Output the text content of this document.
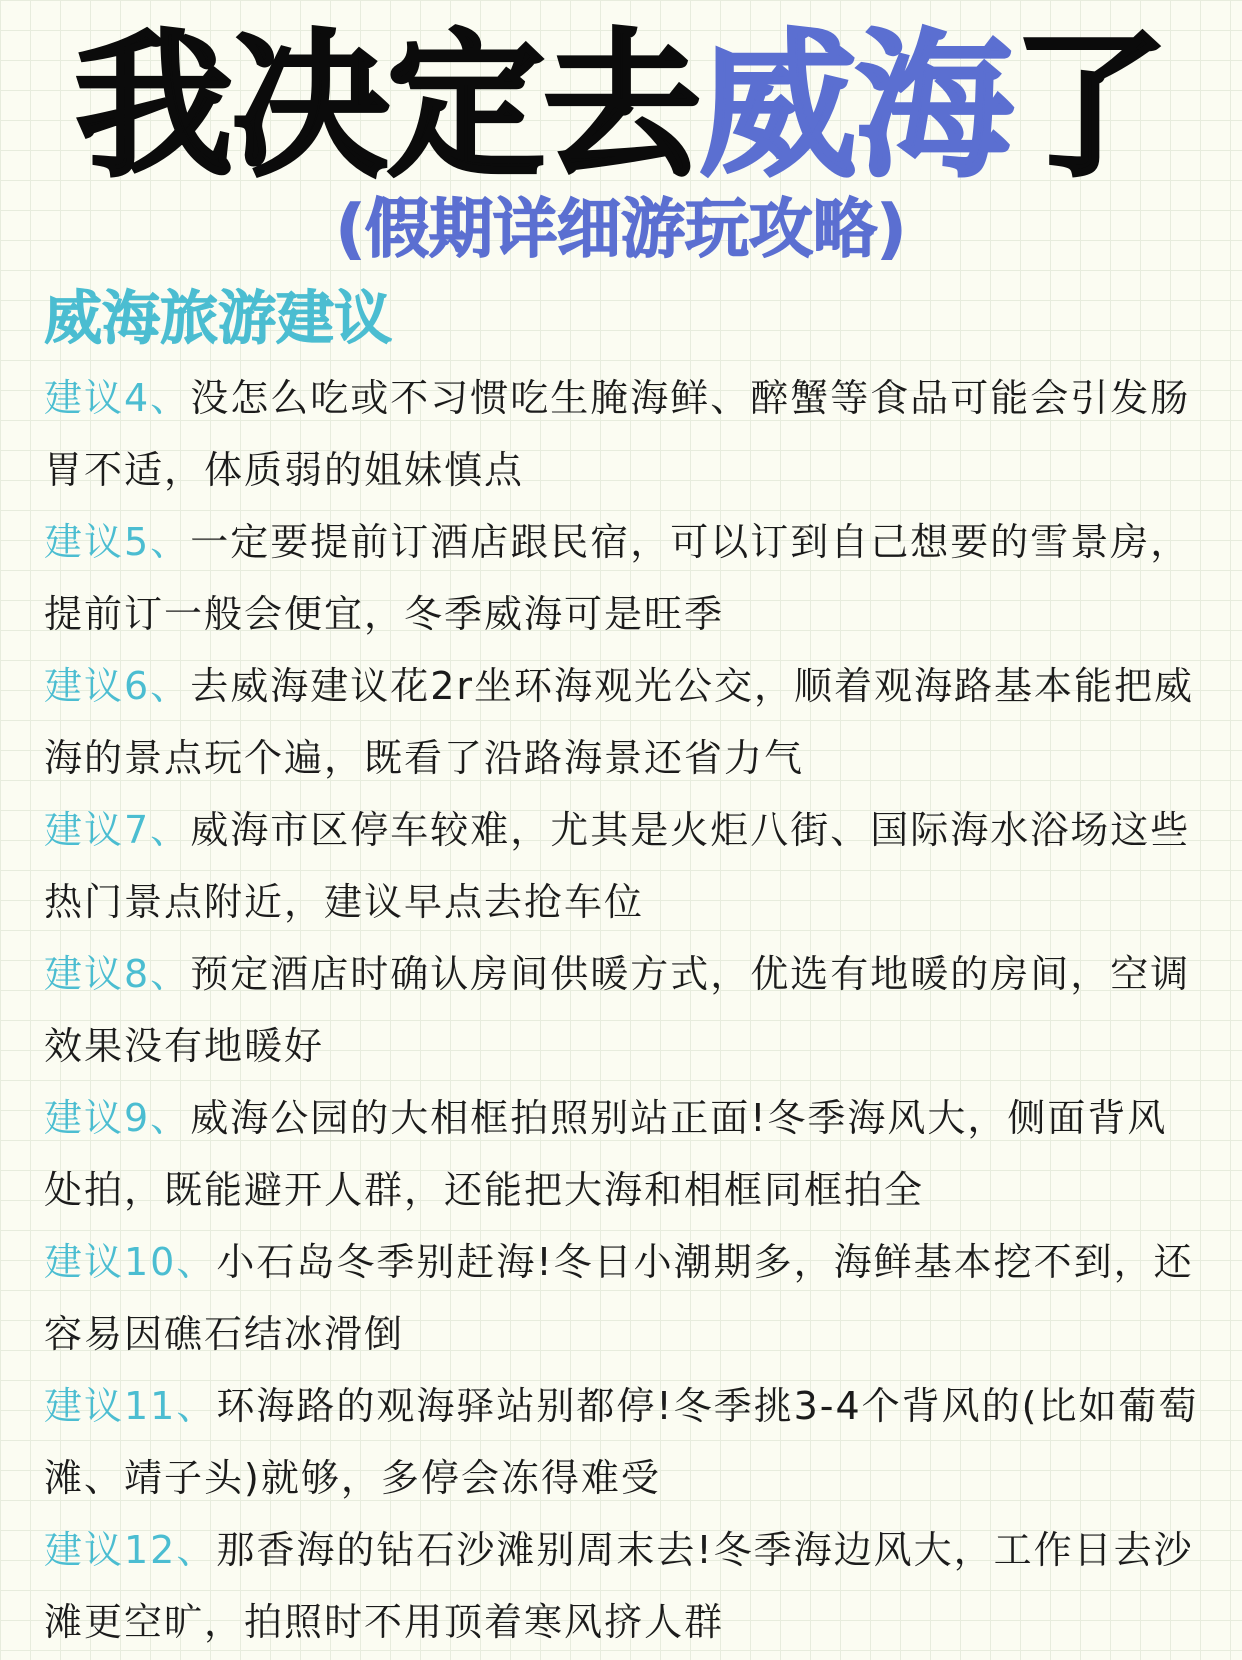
我决定去威海了
(假期详细游玩攻略)
威海旅游建议
建议4、没怎么吃或不习惯吃生腌海鲜、醉蟹等食品可能会引发肠胃不适，体质弱的姐妹慎点
建议5、一定要提前订酒店跟民宿，可以订到自己想要的雪景房，提前订一般会便宜，冬季威海可是旺季
建议6、去威海建议花2r坐环海观光公交，顺着观海路基本能把威海的景点玩个遍，既看了沿路海景还省力气
建议7、威海市区停车较难，尤其是火炬八街、国际海水浴场这些热门景点附近，建议早点去抢车位
建议8、预定酒店时确认房间供暖方式，优选有地暖的房间，空调效果没有地暖好
建议9、威海公园的大相框拍照别站正面!冬季海风大，侧面背风处拍，既能避开人群，还能把大海和相框同框拍全
建议10、小石岛冬季别赶海!冬日小潮期多，海鲜基本挖不到，还容易因礁石结冰滑倒
建议11、环海路的观海驿站别都停!冬季挑3-4个背风的(比如葡萄滩、靖子头)就够，多停会冻得难受
建议12、那香海的钻石沙滩别周末去!冬季海边风大，工作日去沙滩更空旷，拍照时不用顶着寒风挤人群
